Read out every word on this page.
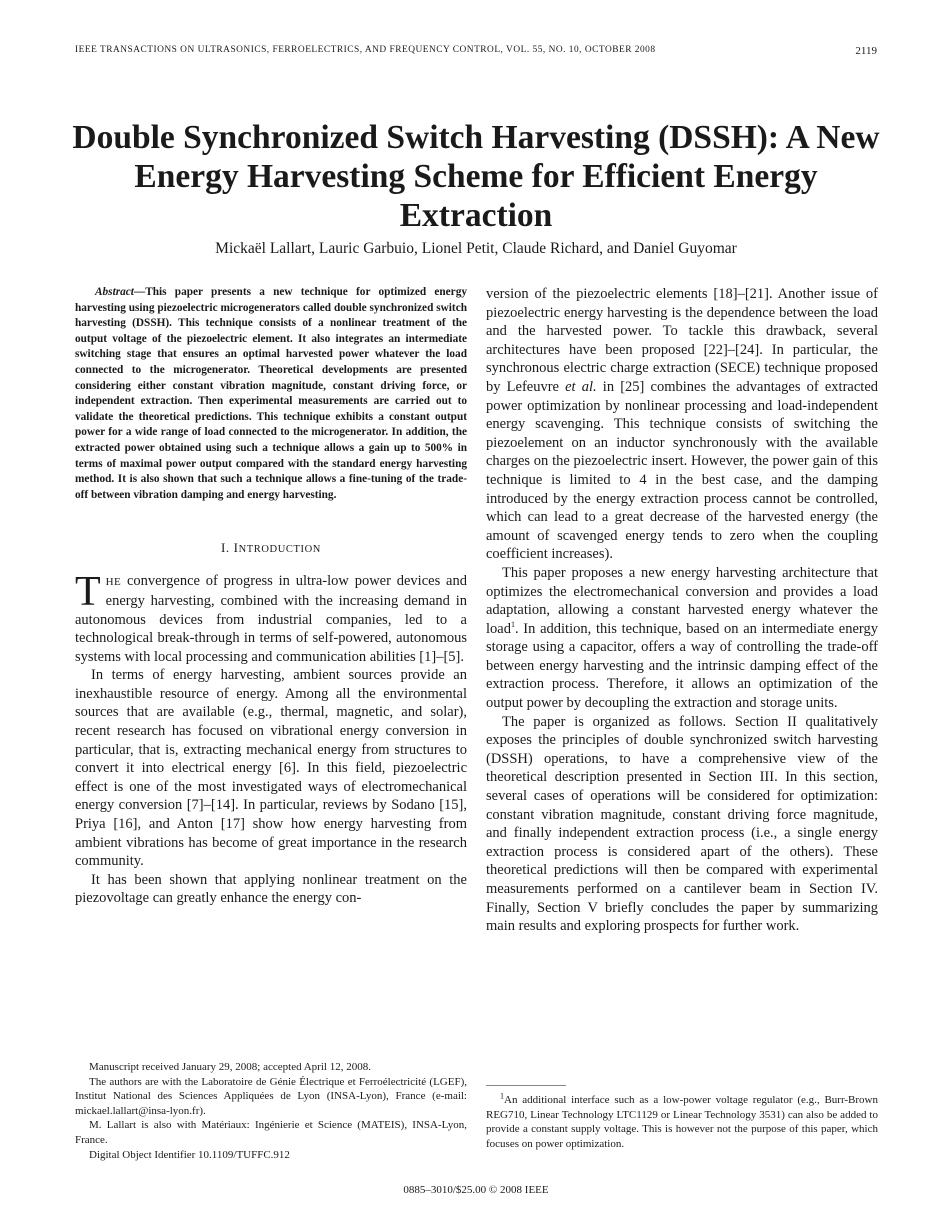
IEEE TRANSACTIONS ON ULTRASONICS, FERROELECTRICS, AND FREQUENCY CONTROL, VOL. 55, NO. 10, OCTOBER 2008	2119
Double Synchronized Switch Harvesting (DSSH): A New Energy Harvesting Scheme for Efficient Energy Extraction

Mickaël Lallart, Lauric Garbuio, Lionel Petit, Claude Richard, and Daniel Guyomar

Abstract—This paper presents a new technique for optimized energy harvesting using piezoelectric microgenerators called double synchronized switch harvesting (DSSH). This technique consists of a nonlinear treatment of the output voltage of the piezoelectric element. It also integrates an intermediate switching stage that ensures an optimal harvested power whatever the load connected to the microgenerator. Theoretical developments are presented considering either constant vibration magnitude, constant driving force, or independent extraction. Then experimental measurements are carried out to validate the theoretical predictions. This technique exhibits a constant output power for a wide range of load connected to the microgenerator. In addition, the extracted power obtained using such a technique allows a gain up to 500% in terms of maximal power output compared with the standard energy harvesting method. It is also shown that such a technique allows a fine-tuning of the trade-off between vibration damping and energy harvesting.

I. INTRODUCTION

THE convergence of progress in ultra-low power devices and energy harvesting, combined with the increasing demand in autonomous devices from industrial companies, led to a technological break-through in terms of self-powered, autonomous systems with local processing and communication abilities [1]–[5].

In terms of energy harvesting, ambient sources provide an inexhaustible resource of energy. Among all the environmental sources that are available (e.g., thermal, magnetic, and solar), recent research has focused on vibrational energy conversion in particular, that is, extracting mechanical energy from structures to convert it into electrical energy [6]. In this field, piezoelectric effect is one of the most investigated ways of electromechanical energy conversion [7]–[14]. In particular, reviews by Sodano [15], Priya [16], and Anton [17] show how energy harvesting from ambient vibrations has become of great importance in the research community.

It has been shown that applying nonlinear treatment on the piezovoltage can greatly enhance the energy con-

version of the piezoelectric elements [18]–[21]. Another issue of piezoelectric energy harvesting is the dependence between the load and the harvested power. To tackle this drawback, several architectures have been proposed [22]–[24]. In particular, the synchronous electric charge extraction (SECE) technique proposed by Lefeuvre et al. in [25] combines the advantages of extracted power optimization by nonlinear processing and load-independent energy scavenging. This technique consists of switching the piezoelement on an inductor synchronously with the available charges on the piezoelectric insert. However, the power gain of this technique is limited to 4 in the best case, and the damping introduced by the energy extraction process cannot be controlled, which can lead to a great decrease of the harvested energy (the amount of scavenged energy tends to zero when the coupling coefficient increases).

This paper proposes a new energy harvesting architecture that optimizes the electromechanical conversion and provides a load adaptation, allowing a constant harvested energy whatever the load$^1$. In addition, this technique, based on an intermediate energy storage using a capacitor, offers a way of controlling the trade-off between energy harvesting and the intrinsic damping effect of the extraction process. Therefore, it allows an optimization of the output power by decoupling the extraction and storage units.

The paper is organized as follows. Section II qualitatively exposes the principles of double synchronized switch harvesting (DSSH) operations, to have a comprehensive view of the theoretical description presented in Section III. In this section, several cases of operations will be considered for optimization: constant vibration magnitude, constant driving force magnitude, and finally independent extraction process (i.e., a single energy extraction process is considered apart of the others). These theoretical predictions will then be compared with experimental measurements performed on a cantilever beam in Section IV. Finally, Section V briefly concludes the paper by summarizing main results and exploring prospects for further work.

Manuscript received January 29, 2008; accepted April 12, 2008.

The authors are with the Laboratoire de Génie Électrique et Ferroélectricité (LGEF), Institut National des Sciences Appliquées de Lyon (INSA-Lyon), France (e-mail: mickael.lallart@insa-lyon.fr).

M. Lallart is also with Matériaux: Ingénierie et Science (MATEIS), INSA-Lyon, France.

Digital Object Identifier 10.1109/TUFFC.912

$^1$An additional interface such as a low-power voltage regulator (e.g., Burr-Brown REG710, Linear Technology LTC1129 or Linear Technology 3531) can also be added to provide a constant supply voltage. This is however not the purpose of this paper, which focuses on power optimization.

0885–3010/$25.00 © 2008 IEEE
